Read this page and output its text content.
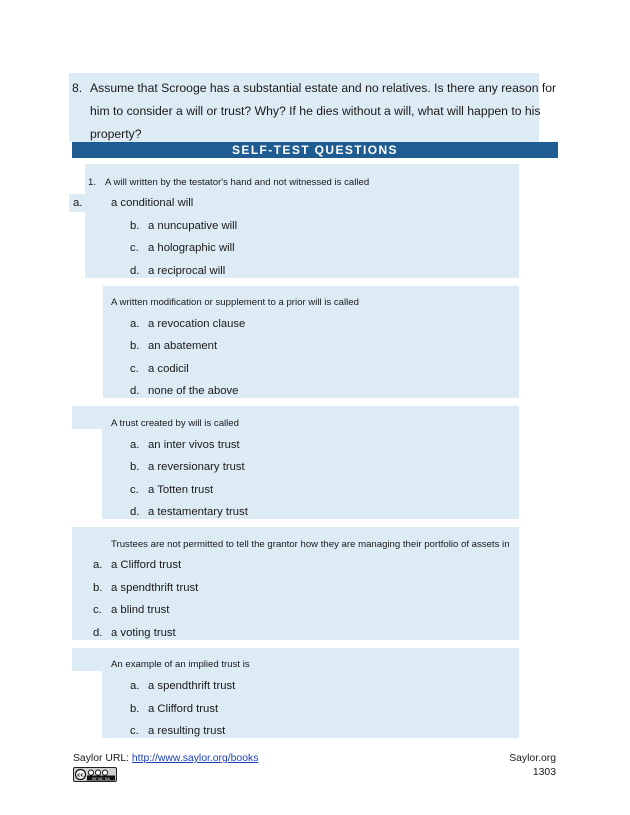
8. Assume that Scrooge has a substantial estate and no relatives. Is there any reason for
him to consider a will or trust? Why? If he dies without a will, what will happen to his
property?
SELF-TEST QUESTIONS
1. A will written by the testator's hand and not witnessed is called
a.	a conditional will
b. a nuncupative will
c. a holographic will
d. a reciprocal will
A written modification or supplement to a prior will is called
a. a revocation clause
b. an abatement
c. a codicil
d. none of the above
A trust created by will is called
a. an inter vivos trust
b. a reversionary trust
c. a Totten trust
d. a testamentary trust
Trustees are not permitted to tell the grantor how they are managing their portfolio of assets in
a. a Clifford trust
b. a spendthrift trust
c. a blind trust
d. a voting trust
An example of an implied trust is
a. a spendthrift trust
b. a Clifford trust
c. a resulting trust
Saylor URL: http://www.saylor.org/books
cc BY NC SA
Saylor.org
1303
